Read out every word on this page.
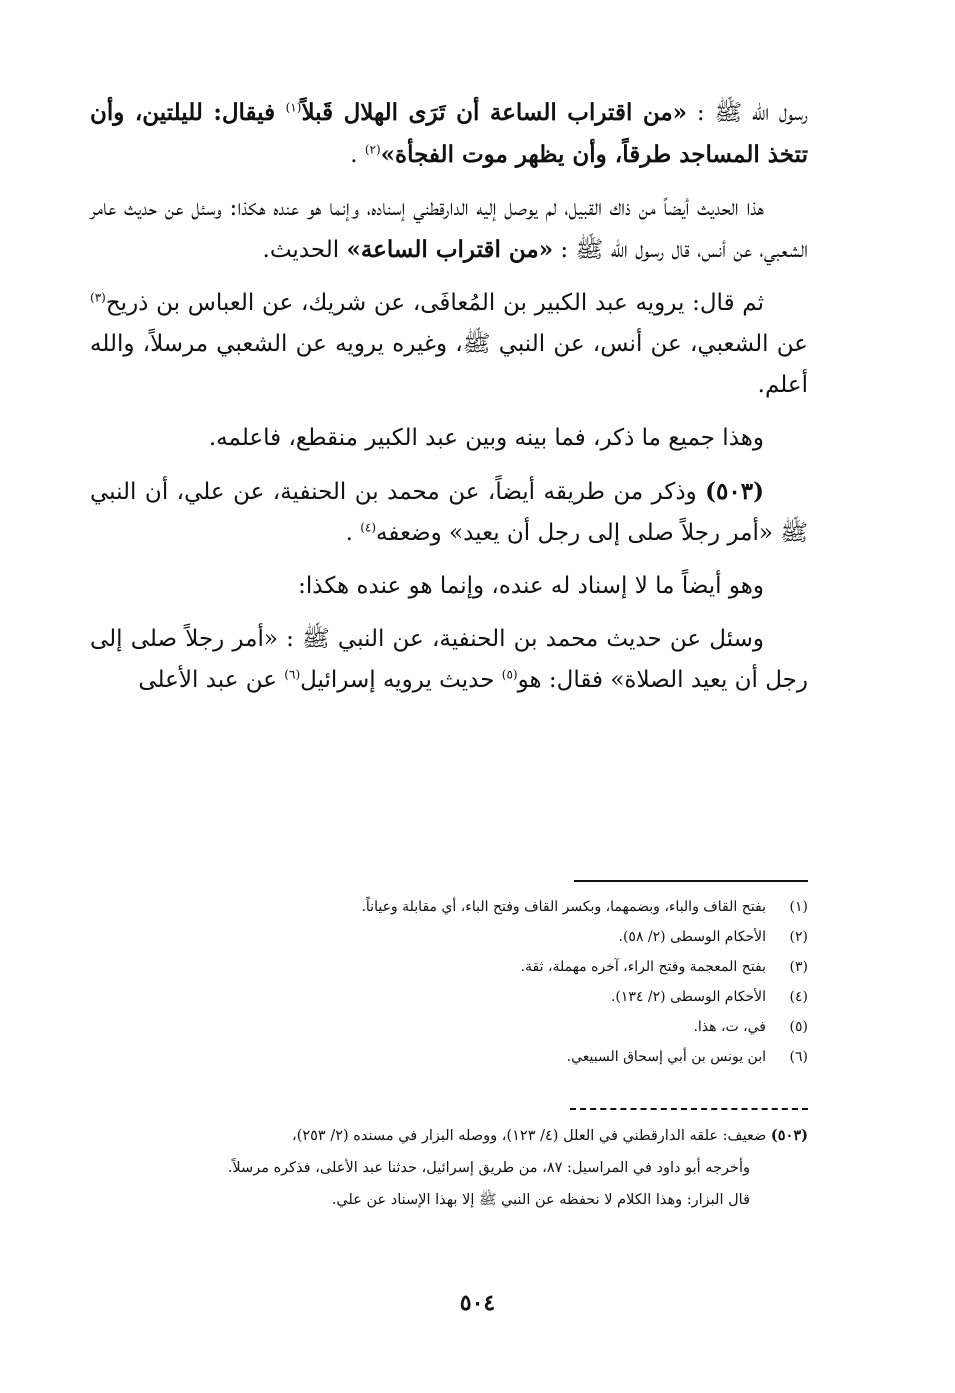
رسول الله ﷺ : «من اقتراب الساعة أن تَرَى الهلال قَبلاً$^{(١)}$ فيقال: لليلتين، وأن تتخذ المساجد طرقاً، وأن يظهر موت الفجأة»$^{(٢)}$ .

هذا الحديث أيضاً من ذاك القبيل، لم يوصل إليه الدارقطني إسناده، وإنما هو عنده هكذا: وسئل عن حديث عامر الشعبي، عن أنس، قال رسول الله ﷺ : «من اقتراب الساعة» الحديث.

ثم قال: يرويه عبد الكبير بن المُعافَى، عن شريك، عن العباس بن ذريح$^{(٣)}$ عن الشعبي، عن أنس، عن النبي ﷺ، وغيره يرويه عن الشعبي مرسلاً، والله أعلم.

وهذا جميع ما ذكر، فما بينه وبين عبد الكبير منقطع، فاعلمه.

(٥٠٣) وذكر من طريقه أيضاً، عن محمد بن الحنفية، عن علي، أن النبي ﷺ «أمر رجلاً صلى إلى رجل أن يعيد» وضعفه$^{(٤)}$ .

وهو أيضاً ما لا إسناد له عنده، وإنما هو عنده هكذا:

وسئل عن حديث محمد بن الحنفية، عن النبي ﷺ : «أمر رجلاً صلى إلى رجل أن يعيد الصلاة» فقال: هو$^{(٥)}$ حديث يرويه إسرائيل$^{(٦)}$ عن عبد الأعلى

(١)
بفتح القاف والباء، وبضمهما، وبكسر القاف وفتح الباء، أي مقابلة وعياناً.
(٢)
الأحكام الوسطى (٢/ ٥٨).
(٣)
بفتح المعجمة وفتح الراء، آخره مهملة، ثقة.
(٤)
الأحكام الوسطى (٢/ ١٣٤).
(٥)
في، ت، هذا.
(٦)
ابن يونس بن أبي إسحاق السبيعي.
(٥٠٣) ضعيف: علقه الدارقطني في العلل (٤/ ١٢٣)، ووصله البزار في مسنده (٢/ ٢٥٣)،
وأخرجه أبو داود في المراسيل: ٨٧، من طريق إسرائيل، حدثنا عبد الأعلى، فذكره مرسلاً.
قال البزار: وهذا الكلام لا نحفظه عن النبي ﷺ إلا بهذا الإسناد عن علي.
٥٠٤
